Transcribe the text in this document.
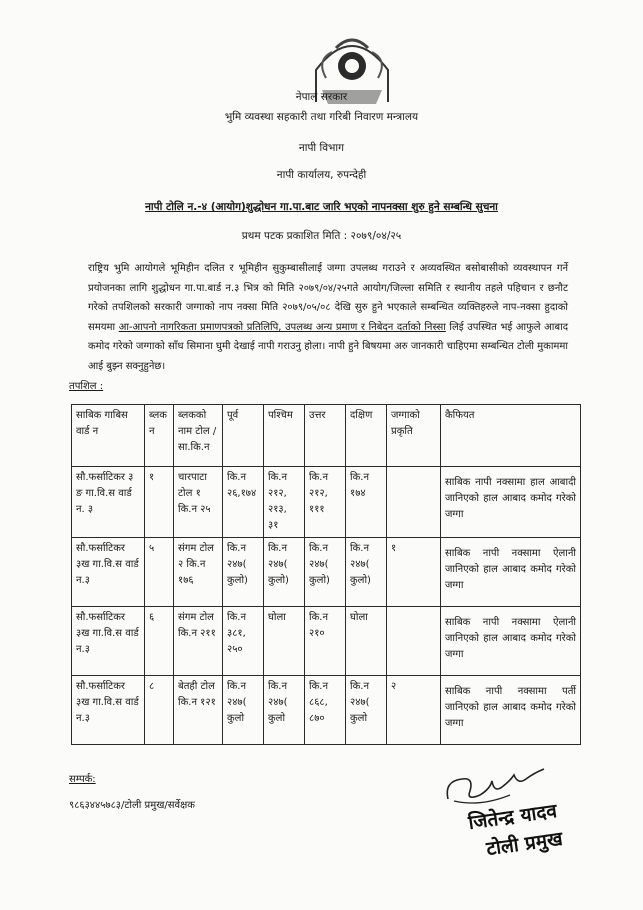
नेपाल सरकार
भुमि व्यवस्था सहकारी तथा गरिबी निवारण मन्त्रालय
नापी विभाग
नापी कार्यालय, रुपन्देही
नापी टोलि न.-४ (आयोग)शुद्धोधन गा.पा.बाट जारि भएको नापनक्सा शुरु हुने सम्बन्धि सुचना
प्रथम पटक प्रकाशित मिति : २०७९/०४/२५
राष्ट्रिय भुमि आयोगले भूमिहीन दलित र भूमिहीन सुकुम्बासीलाई जग्गा उपलब्ध गराउने र अव्यवस्थित बसोबासीको व्यवस्थापन गर्ने प्रयोजनका लागि शुद्धोधन गा.पा.बार्ड न.३ भित्र को मिति २०७९/०४/२५गते आयोग/जिल्ला समिति र स्थानीय तहले पहिचान र छनौट गरेको तपशिलको सरकारी जग्गाको नाप नक्सा मिति २०७९/०५/०८ देखि सुरु हुने भएकाले सम्बन्धित व्यक्तिहरुले नाप-नक्सा हुदाको समयमा आ-आपनो नागरिकता प्रमाणपत्रको प्रतिलिपि, उपलब्ध अन्य प्रमाण र निबेदन दर्ताको निस्सा लिई उपस्थित भई आफुले आबाद कमोद गरेको जग्गाको साँध सिमाना घुमी देखाई नापी गराउनु होला। नापी हुने बिषयमा अरु जानकारी चाहिएमा सम्बन्धित टोली मुकाममा आई बुझ्न सक्नुहुनेछ।
तपशिल :
साबिक गाबिस वार्ड न	ब्लक न	ब्लकको नाम टोल /
सा.कि.न	पूर्व	पश्चिम	उत्तर	दक्षिण	जग्गाको प्रकृति	कैफियत
सौ.फर्साटिकर ३ ङ गा.वि.स वार्ड न. ३	१	चारपाटा टोल १ कि.न २५	कि.न २६,१७४	कि.न २१२, २१३, ३१	कि.न २१२, १११	कि.न १७४		साबिक नापी नक्सामा हाल आबादी जानिएको हाल आबाद कमोद गरेको जग्गा
सौ.फर्साटिकर ३ख गा.वि.स वार्ड न.३	५	संगम टोल २ कि.न १७६	कि.न २४७( कुलो)	कि.न २४७( कुलो)	कि.न २४७( कुलो)	कि.न २४७( कुलो)	१	साबिक नापी नक्सामा ऐलानी जानिएको हाल आबाद कमोद गरेको जग्गा
सौ.फर्साटिकर ३ख गा.वि.स वार्ड न.३	६	संगम टोल कि.न २११	कि.न ३८१, २५०	घोला	कि.न २१०	घोला		साबिक नापी नक्सामा ऐलानी जानिएको हाल आबाद कमोद गरेको जग्गा
सौ.फर्साटिकर ३ख गा.वि.स वार्ड न.३	८	बेतही टोल कि.न १२१	कि.न २४७( कुलो	कि.न २४७( कुलो	कि.न ८६८, ८७०	कि.न २४७( कुलो	२	साबिक नापी नक्सामा पर्ती जानिएको हाल आबाद कमोद गरेको जग्गा
सम्पर्क:
९८६३४४५७८३/टोली प्रमुख/सर्वेक्षक	जितेन्द्र यादव
टोली प्रमुख
